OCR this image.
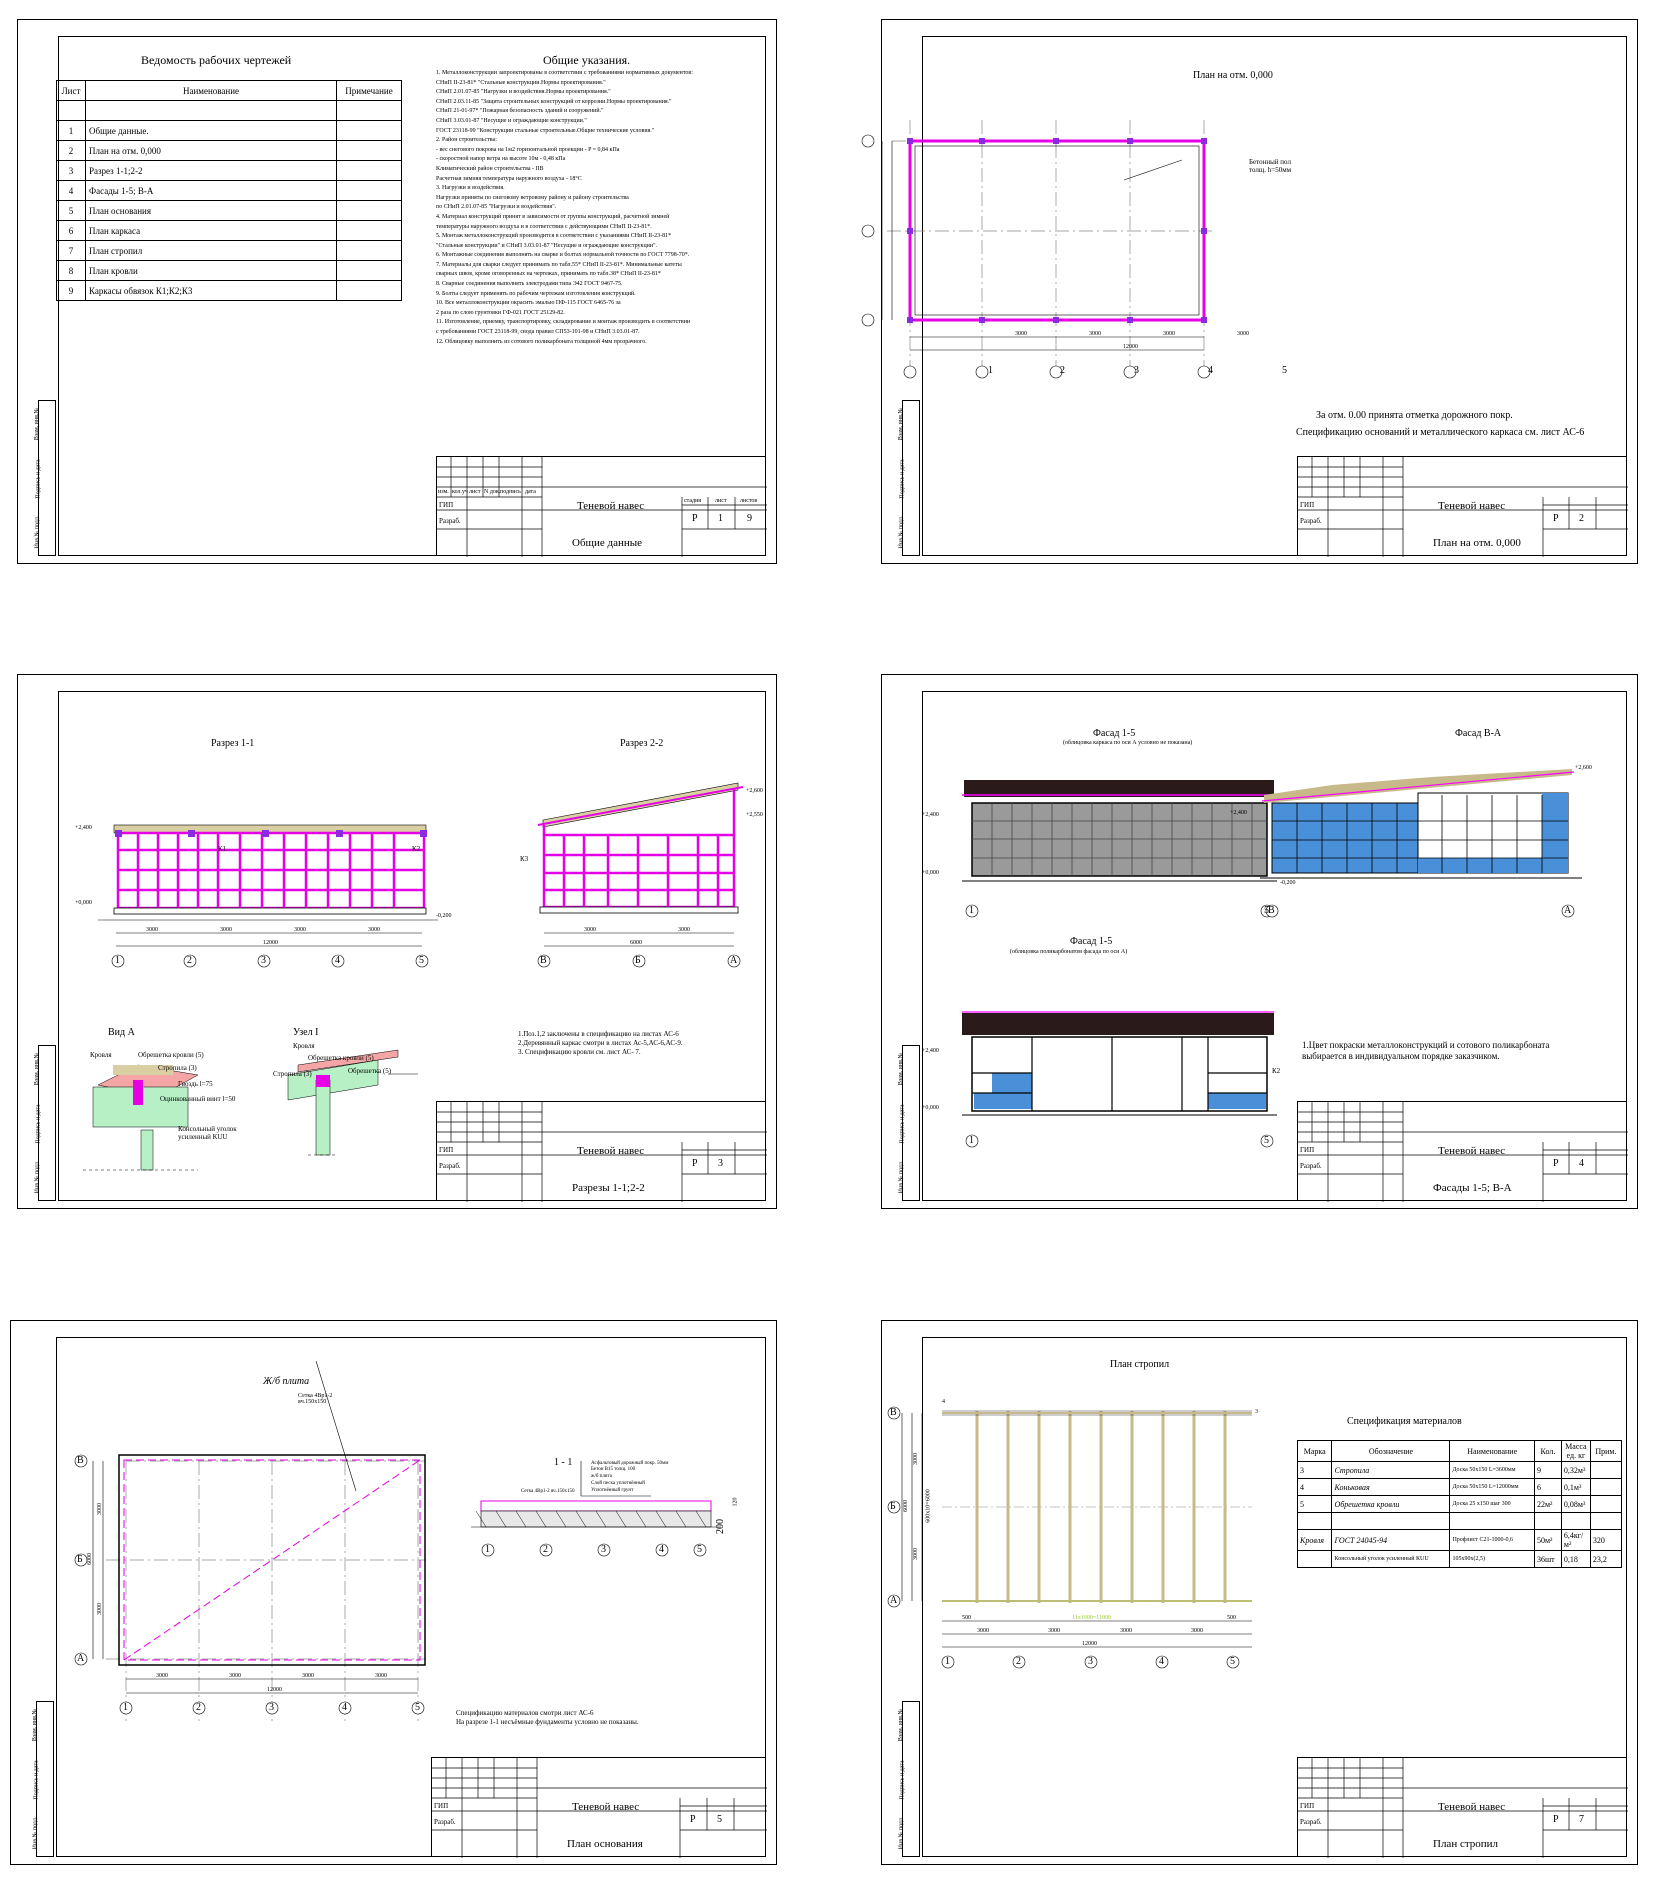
Взам. инв.№
Подпись и дата
Инв.№ подл.
Ведомость рабочих чертежей
Лист	Наименование	Примечание

1	Общие данные.	
2	План на отм. 0,000	
3	Разрез 1-1;2-2	
4	Фасады 1-5; В-А	
5	План основания	
6	План каркаса	
7	План стропил	
8	План кровли	
9	Каркасы обвязок К1;К2;К3	
Общие указания.
1. Металлоконструкции запроектированы в соответствии с требованиями нормативных документов:
СНиП II-23-81* "Стальные конструкции.Нормы проектирования."
СНиП 2.01.07-85 "Нагрузки и воздействия.Нормы проектирования."
СНиП 2.03.11-85 "Защита строительных конструкций от коррозии.Нормы проектирования."
СНиП 21-01-97* "Пожарная безопасность зданий и сооружений."
СНиП 3.03.01-87 "Несущие и ограждающие конструкции."
ГОСТ 23118-99 "Конструкции стальные строительные.Общие технические условия."
2. Район строительства:
- вес снегового покрова на 1м2 горизонтальной проекции - P = 0,84 кПа
- скоростной напор ветра на высоте 10м - 0,48 кПа
Климатический район строительства - IIB
Расчетная зимняя температура наружного воздуха - 18°С
3. Нагрузки и воздействия.
Нагрузки приняты по снеговому ветровому району и району строительства
по СНиП 2.01.07-85 "Нагрузки и воздействия".
4. Материал конструкций принят в зависимости от группы конструкций, расчетной зимней
температуры наружного воздуха и в соответствии с действующими СНиП II-23-81*.
5. Монтаж металлоконструкций производится в соответствии с указаниями СНиП II-23-81*
"Стальные конструкции" и СНиП 3.03.01-87 "Несущие и ограждающие конструкции".
6. Монтажные соединения выполнять на сварке и болтах нормальной точности по ГОСТ 7798-70*.
7. Материалы для сварки следует принимать по табл.55* СНиП II-23-81*. Минимальные катеты
сварных швов, кроме оговоренных на чертежах, принимать по табл.38* СНиП II-23-81*
8. Сварные соединения выполнять электродами типа Э42 ГОСТ 9467-75.
9. Болты следует применять по рабочим чертежам изготовления конструкций.
10. Все металлоконструкции окрасить эмалью ПФ-115 ГОСТ 6465-76 за
2 раза по слою грунтовки ГФ-021 ГОСТ 25129-82.
11. Изготовление, приемку, транспортировку, складирование и монтаж производить в соответствии
с требованиями ГОСТ 23118-99, свода правил СП53-101-98 и СНиП 3.03.01-87.
12. Облицовку выполнить из сотового поликарбоната толщиной 4мм прозрачного.
изм. кол.уч лист N док. подпись дата
ГИП
Разраб.
Теневой навес
Общие данные
стадия лист листов
Р 1 9
Взам. инв.№
Подпись и дата
Инв.№ подл.
План на отм. 0,000
1	2	3	4	5
3000	3000	3000	3000
12000
Бетонный пол толщ. h=50мм
За отм. 0.00 принята отметка дорожного покр.
Спецификацию оснований и металлического каркаса см. лист АС-6
ГИП
Разраб.
Теневой навес
План на отм. 0,000
Р 2
Взам. инв.№
Подпись и дата
Инв.№ подл.
Разрез 1-1	Разрез 2-2
1	2	3	4	5	В	Б	А
3000	3000	3000	3000
12000
3000	3000
6000
+2,400
+0,000
-0,200
+2,600
+2,550
К1	К2
К3
Вид А	Узел I
Кровля	Обрешетка кровли (5)
Стропила (3)
Гвоздь l=75
Оцинкованный винт l=50
Консольный уголок усиленный КUU
Кровля
Обрешетка кровли (5)
Стропила (3)	Обрешетка (5)
1.Поз.1,2 заключены в спецификацию на листах АС-6
2.Деревянный каркас смотри в листах Ас-5,АС-6,АС-9.
3. Спецификацию кровли см. лист АС- 7.
ГИП
Разраб.
Теневой навес
Разрезы 1-1;2-2
Р 3
Взам. инв.№
Подпись и дата
Инв.№ подл.
Фасад 1-5
(облицовка каркаса по оси А условно не показана)
Фасад В-А
Фасад 1-5
(облицовка поликарбонатом фасада по оси А)
1	5 В	А
1	5
+2,400
+0,000
-0,200
+2,400
+2,600
+2,400
+0,000
К2
1.Цвет покраски металлоконструкций и сотового поликарбоната выбирается в индивидуальном порядке заказчиком.
ГИП
Разраб.
Теневой навес
Фасады 1-5; В-А
Р 4
Взам. инв.№
Подпись и дата
Инв.№ подл.
Ж/б плита
Сетка 4Вр1-2 яч.150х150
1	2	3	4	5
В
Б
А
3000	3000	3000	3000
12000
3000
3000
6000
1 - 1	Асфальтовый дорожный покр. 50мм
Бетон В15 толщ. 100
ж/б плита
Слой песка уплотнённый
Уплотнённый грунт
Сетка 4Вр1-2 яч.150х150
1	2	3	4	5
200
120
Спецификацию материалов смотри лист АС-6
На разрезе 1-1 несъёмные фундаменты условно не показаны.
ГИП
Разраб.
Теневой навес
План основания
Р 5
Взам. инв.№
Подпись и дата
Инв.№ подл.
План стропил
1	2	3	4	5
В
Б
А
4
3
3000	3000	3000	3000
12000
11х1000=11000
500	500
3000
3000
6000	600х10=6000
Спецификация материалов
Марка	Обозначение	Наименование	Кол.	Масса ед. кг	Прим.
3	Стропила	Доска 50х150 L=3600мм	9	0,32м³	
4	Коньковая	Доска 50х150 L=12000мм	6	0,1м³	
5	Обрешетка кровли	Доска 25 х150 шаг 300	22м²	0,08м³	

Кровля	ГОСТ 24045-94	Профлист С21-1000-0,6	50м²	6,4кг/м²	320
	Консольный уголок усиленный КUU	105х90х(2,5)	36шт	0,18	23,2
ГИП
Разраб.
Теневой навес
План стропил
Р 7
